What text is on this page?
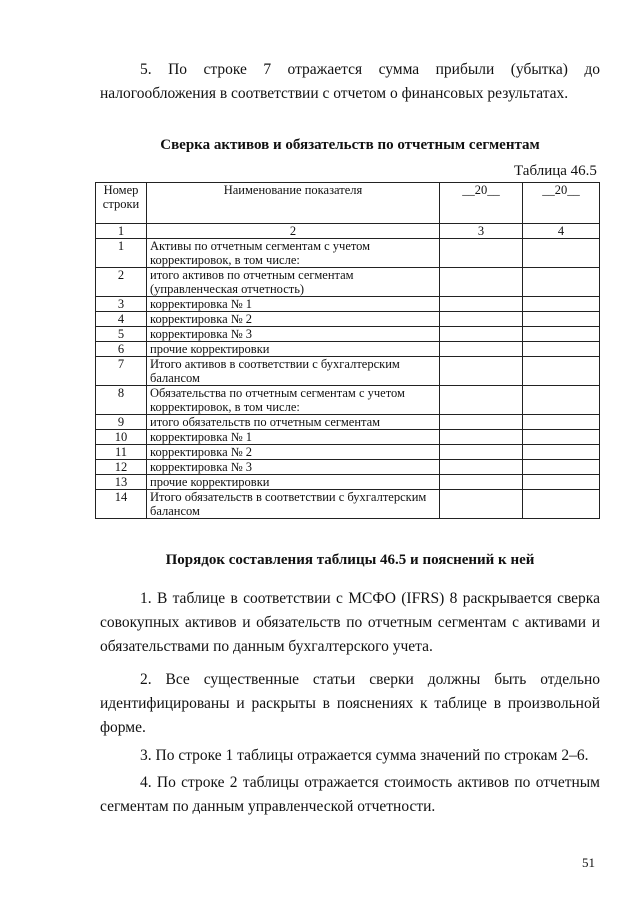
5. По строке 7 отражается сумма прибыли (убытка) до
налогообложения в соответствии с отчетом о финансовых результатах.
Сверка активов и обязательств по отчетным сегментам
Таблица 46.5
Номер строки	Наименование показателя	__20__	__20__
1	2	3	4
1	Активы по отчетным сегментам с учетом корректировок, в том числе:		
2	итого активов по отчетным сегментам (управленческая отчетность)		
3	корректировка № 1		
4	корректировка № 2		
5	корректировка № 3		
6	прочие корректировки		
7	Итого активов в соответствии с бухгалтерским балансом		
8	Обязательства по отчетным сегментам с учетом корректировок, в том числе:		
9	итого обязательств по отчетным сегментам		
10	корректировка № 1		
11	корректировка № 2		
12	корректировка № 3		
13	прочие корректировки		
14	Итого обязательств в соответствии с бухгалтерским балансом		
Порядок составления таблицы 46.5 и пояснений к ней
1. В таблице в соответствии с МСФО (IFRS) 8 раскрывается сверка
совокупных активов и обязательств по отчетным сегментам с активами и
обязательствами по данным бухгалтерского учета.
2. Все существенные статьи сверки должны быть отдельно
идентифицированы и раскрыты в пояснениях к таблице в произвольной
форме.
3. По строке 1 таблицы отражается сумма значений по строкам 2–6.
4. По строке 2 таблицы отражается стоимость активов по отчетным
сегментам по данным управленческой отчетности.
51
